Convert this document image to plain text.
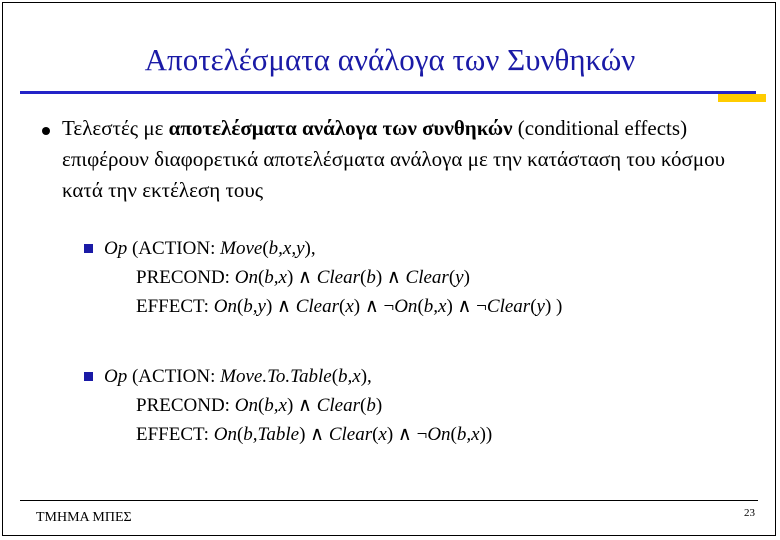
Αποτελέσματα ανάλογα των Συνθηκών
Τελεστές με αποτελέσματα ανάλογα των συνθηκών (conditional effects) επιφέρουν διαφορετικά αποτελέσματα ανάλογα με την κατάσταση του κόσμου κατά την εκτέλεση τους
Op (ACTION: Move(b,x,y),
PRECOND: On(b,x) ∧ Clear(b) ∧ Clear(y)
EFFECT: On(b,y) ∧ Clear(x) ∧ ¬On(b,x) ∧ ¬Clear(y) )
Op (ACTION: Move.To.Table(b,x),
PRECOND: On(b,x) ∧ Clear(b)
EFFECT: On(b,Table) ∧ Clear(x) ∧ ¬On(b,x))
ΤΜΗΜΑ ΜΠΕΣ	23
